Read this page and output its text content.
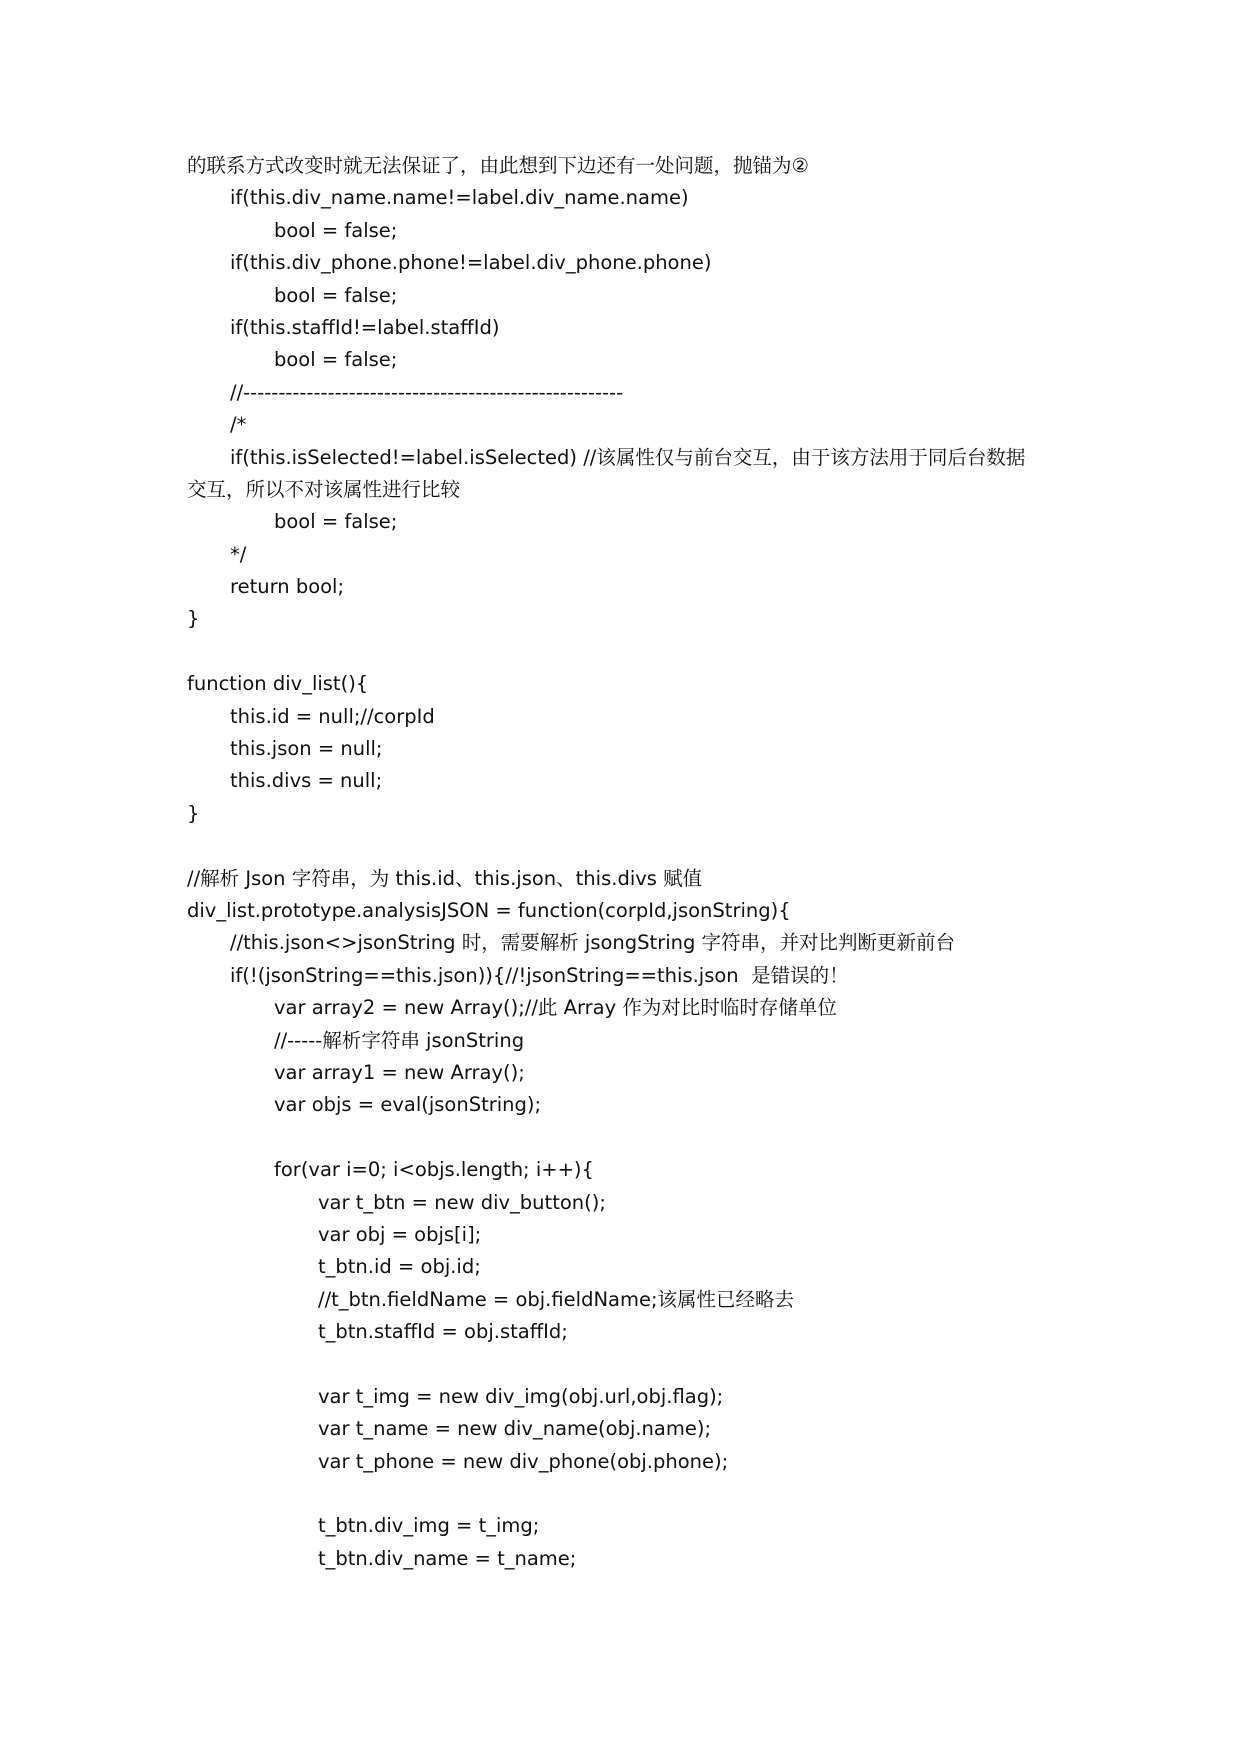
的联系方式改变时就无法保证了，由此想到下边还有一处问题，抛锚为②
if(this.div_name.name!=label.div_name.name)
bool = false;
if(this.div_phone.phone!=label.div_phone.phone)
bool = false;
if(this.staffId!=label.staffId)
bool = false;
//------------------------------------------------------
/*
if(this.isSelected!=label.isSelected) //该属性仅与前台交互，由于该方法用于同后台数据
交互，所以不对该属性进行比较
bool = false;
*/
return bool;
}
function div_list(){
this.id = null;//corpId
this.json = null;
this.divs = null;
}
//解析 Json 字符串，为 this.id、this.json、this.divs 赋值
div_list.prototype.analysisJSON = function(corpId,jsonString){
//this.json<>jsonString 时，需要解析 jsongString 字符串，并对比判断更新前台
if(!(jsonString==this.json)){//!jsonString==this.json  是错误的！
var array2 = new Array();//此 Array 作为对比时临时存储单位
//-----解析字符串 jsonString
var array1 = new Array();
var objs = eval(jsonString);
for(var i=0; i<objs.length; i++){
var t_btn = new div_button();
var obj = objs[i];
t_btn.id = obj.id;
//t_btn.fieldName = obj.fieldName;该属性已经略去
t_btn.staffId = obj.staffId;
var t_img = new div_img(obj.url,obj.flag);
var t_name = new div_name(obj.name);
var t_phone = new div_phone(obj.phone);
t_btn.div_img = t_img;
t_btn.div_name = t_name;
